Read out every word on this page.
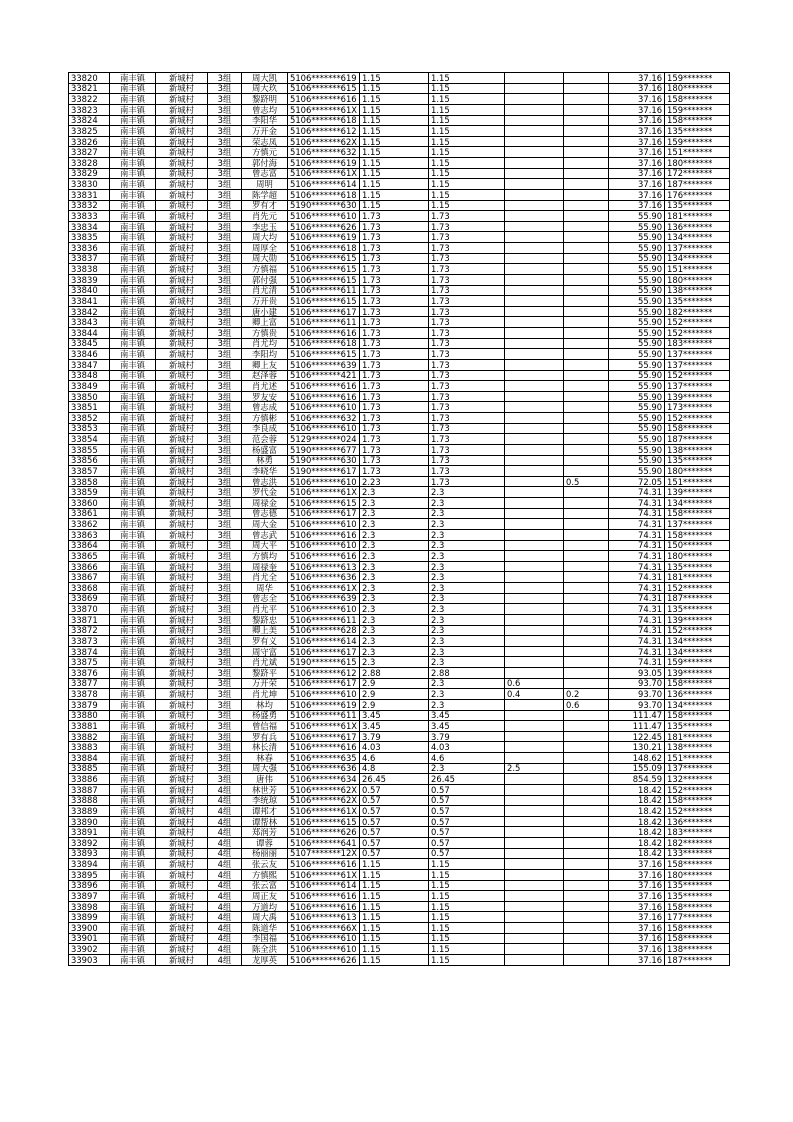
33820	南丰镇	新城村	3组	周大凯	5106*******619	1.15	1.15			37.16	159*******
33821	南丰镇	新城村	3组	周大玖	5106*******615	1.15	1.15			37.16	180*******
33822	南丰镇	新城村	3组	黎跻明	5106*******616	1.15	1.15			37.16	158*******
33823	南丰镇	新城村	3组	曾志均	5106*******61X	1.15	1.15			37.16	159*******
33824	南丰镇	新城村	3组	李阳华	5106*******618	1.15	1.15			37.16	158*******
33825	南丰镇	新城村	3组	万开金	5106*******612	1.15	1.15			37.16	135*******
33826	南丰镇	新城村	3组	荣志凤	5106*******62X	1.15	1.15			37.16	159*******
33827	南丰镇	新城村	3组	方慎元	5106*******632	1.15	1.15			37.16	151*******
33828	南丰镇	新城村	3组	郭付海	5106*******619	1.15	1.15			37.16	180*******
33829	南丰镇	新城村	3组	曾志富	5106*******61X	1.15	1.15			37.16	172*******
33830	南丰镇	新城村	3组	周明	5106*******614	1.15	1.15			37.16	187*******
33831	南丰镇	新城村	3组	陈学超	5106*******618	1.15	1.15			37.16	176*******
33832	南丰镇	新城村	3组	罗有才	5190*******630	1.15	1.15			37.16	135*******
33833	南丰镇	新城村	3组	肖先元	5106*******610	1.73	1.73			55.90	181*******
33834	南丰镇	新城村	3组	李忠玉	5106*******626	1.73	1.73			55.90	136*******
33835	南丰镇	新城村	3组	周大均	5106*******619	1.73	1.73			55.90	134*******
33836	南丰镇	新城村	3组	周厚全	5106*******618	1.73	1.73			55.90	137*******
33837	南丰镇	新城村	3组	周大勋	5106*******615	1.73	1.73			55.90	134*******
33838	南丰镇	新城村	3组	方慎福	5106*******615	1.73	1.73			55.90	151*******
33839	南丰镇	新城村	3组	郭付强	5106*******615	1.73	1.73			55.90	180*******
33840	南丰镇	新城村	3组	肖尤清	5106*******611	1.73	1.73			55.90	138*******
33841	南丰镇	新城村	3组	万开贵	5106*******615	1.73	1.73			55.90	135*******
33842	南丰镇	新城村	3组	唐小建	5106*******617	1.73	1.73			55.90	182*******
33843	南丰镇	新城村	3组	卿上富	5106*******611	1.73	1.73			55.90	152*******
33844	南丰镇	新城村	3组	方慎贵	5106*******616	1.73	1.73			55.90	152*******
33845	南丰镇	新城村	3组	肖尤均	5106*******618	1.73	1.73			55.90	183*******
33846	南丰镇	新城村	3组	李阳均	5106*******615	1.73	1.73			55.90	137*******
33847	南丰镇	新城村	3组	卿上友	5106*******639	1.73	1.73			55.90	137*******
33848	南丰镇	新城村	3组	赵泽蓉	5106*******421	1.73	1.73			55.90	152*******
33849	南丰镇	新城村	3组	肖尤述	5106*******616	1.73	1.73			55.90	137*******
33850	南丰镇	新城村	3组	罗友安	5106*******616	1.73	1.73			55.90	139*******
33851	南丰镇	新城村	3组	曾志成	5106*******610	1.73	1.73			55.90	173*******
33852	南丰镇	新城村	3组	方慎彬	5106*******632	1.73	1.73			55.90	152*******
33853	南丰镇	新城村	3组	李良成	5106*******610	1.73	1.73			55.90	158*******
33854	南丰镇	新城村	3组	范会蓉	5129*******024	1.73	1.73			55.90	187*******
33855	南丰镇	新城村	3组	杨盛富	5190*******677	1.73	1.73			55.90	138*******
33856	南丰镇	新城村	3组	林勇	5190*******630	1.73	1.73			55.90	135*******
33857	南丰镇	新城村	3组	李晓华	5190*******617	1.73	1.73			55.90	180*******
33858	南丰镇	新城村	3组	曾志洪	5106*******610	2.23	1.73		0.5	72.05	151*******
33859	南丰镇	新城村	3组	罗代金	5106*******61X	2.3	2.3			74.31	139*******
33860	南丰镇	新城村	3组	周禄金	5106*******615	2.3	2.3			74.31	134*******
33861	南丰镇	新城村	3组	曾志德	5106*******617	2.3	2.3			74.31	158*******
33862	南丰镇	新城村	3组	周大金	5106*******610	2.3	2.3			74.31	137*******
33863	南丰镇	新城村	3组	曾志武	5106*******616	2.3	2.3			74.31	158*******
33864	南丰镇	新城村	3组	周大平	5106*******610	2.3	2.3			74.31	150*******
33865	南丰镇	新城村	3组	方慎均	5106*******616	2.3	2.3			74.31	180*******
33866	南丰镇	新城村	3组	周禄奎	5106*******613	2.3	2.3			74.31	135*******
33867	南丰镇	新城村	3组	肖尤全	5106*******636	2.3	2.3			74.31	181*******
33868	南丰镇	新城村	3组	周华	5106*******61X	2.3	2.3			74.31	152*******
33869	南丰镇	新城村	3组	曾志全	5106*******639	2.3	2.3			74.31	187*******
33870	南丰镇	新城村	3组	肖尤平	5106*******610	2.3	2.3			74.31	135*******
33871	南丰镇	新城村	3组	黎跻忠	5106*******611	2.3	2.3			74.31	139*******
33872	南丰镇	新城村	3组	卿上美	5106*******628	2.3	2.3			74.31	152*******
33873	南丰镇	新城村	3组	罗有义	5106*******614	2.3	2.3			74.31	134*******
33874	南丰镇	新城村	3组	周守富	5106*******617	2.3	2.3			74.31	134*******
33875	南丰镇	新城村	3组	肖尤斌	5190*******615	2.3	2.3			74.31	159*******
33876	南丰镇	新城村	3组	黎跻平	5106*******612	2.88	2.88			93.05	139*******
33877	南丰镇	新城村	3组	万开荣	5106*******617	2.9	2.3	0.6		93.70	158*******
33878	南丰镇	新城村	3组	肖尤坤	5106*******610	2.9	2.3	0.4	0.2	93.70	136*******
33879	南丰镇	新城村	3组	林均	5106*******619	2.9	2.3		0.6	93.70	134*******
33880	南丰镇	新城村	3组	杨盛勇	5106*******611	3.45	3.45			111.47	158*******
33881	南丰镇	新城村	3组	曾信福	5106*******61X	3.45	3.45			111.47	135*******
33882	南丰镇	新城村	3组	罗有兵	5106*******617	3.79	3.79			122.45	181*******
33883	南丰镇	新城村	3组	林长清	5106*******616	4.03	4.03			130.21	138*******
33884	南丰镇	新城村	3组	林春	5106*******635	4.6	4.6			148.62	151*******
33885	南丰镇	新城村	3组	周大强	5106*******636	4.8	2.3	2.5		155.09	137*******
33886	南丰镇	新城村	3组	唐伟	5106*******634	26.45	26.45			854.59	132*******
33887	南丰镇	新城村	4组	林世芳	5106*******62X	0.57	0.57			18.42	152*******
33888	南丰镇	新城村	4组	李统琼	5106*******62X	0.57	0.57			18.42	158*******
33889	南丰镇	新城村	4组	谭邦才	5106*******61X	0.57	0.57			18.42	152*******
33890	南丰镇	新城村	4组	谭帮林	5106*******615	0.57	0.57			18.42	136*******
33891	南丰镇	新城村	4组	郑润芳	5106*******626	0.57	0.57			18.42	183*******
33892	南丰镇	新城村	4组	谭蓉	5106*******641	0.57	0.57			18.42	182*******
33893	南丰镇	新城村	4组	杨丽丽	5107*******12X	0.57	0.57			18.42	133*******
33894	南丰镇	新城村	4组	张云友	5106*******616	1.15	1.15			37.16	158*******
33895	南丰镇	新城村	4组	方慎熙	5106*******61X	1.15	1.15			37.16	180*******
33896	南丰镇	新城村	4组	张云富	5106*******614	1.15	1.15			37.16	135*******
33897	南丰镇	新城村	4组	周正友	5106*******616	1.15	1.15			37.16	135*******
33898	南丰镇	新城村	4组	万道均	5106*******616	1.15	1.15			37.16	158*******
33899	南丰镇	新城村	4组	周大禹	5106*******613	1.15	1.15			37.16	177*******
33900	南丰镇	新城村	4组	陈道华	5106*******66X	1.15	1.15			37.16	158*******
33901	南丰镇	新城村	4组	李国福	5106*******610	1.15	1.15			37.16	158*******
33902	南丰镇	新城村	4组	陈全洪	5106*******610	1.15	1.15			37.16	138*******
33903	南丰镇	新城村	4组	龙厚英	5106*******626	1.15	1.15			37.16	187*******
